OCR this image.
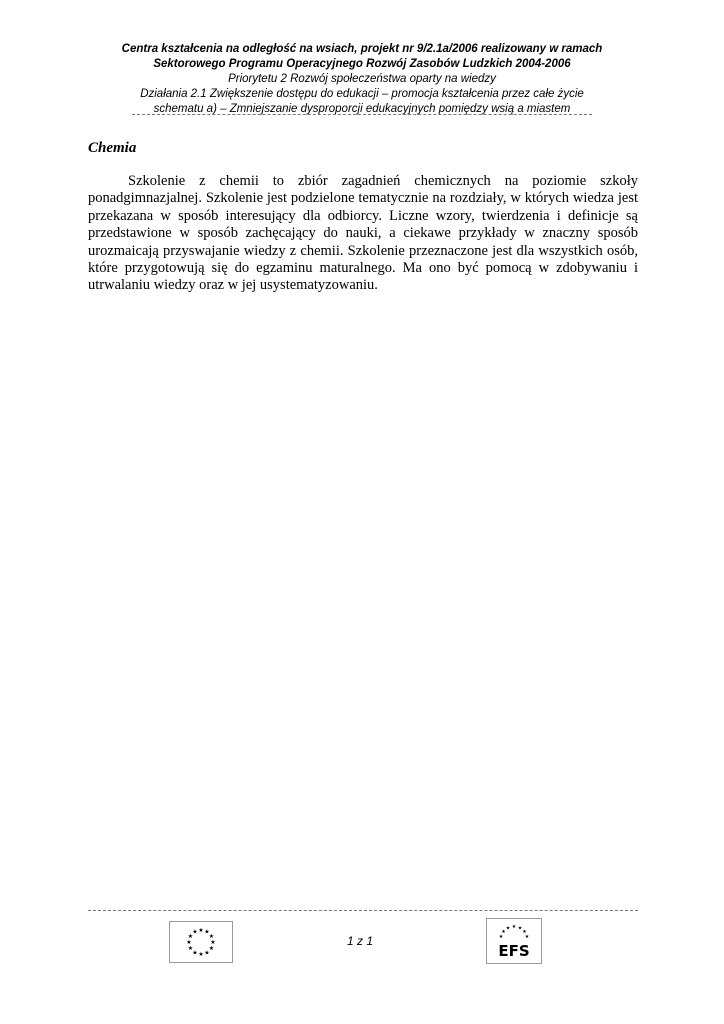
Centra kształcenia na odległość na wsiach, projekt nr 9/2.1a/2006 realizowany w ramach
Sektorowego Programu Operacyjnego Rozwój Zasobów Ludzkich 2004-2006
Priorytetu 2 Rozwój społeczeństwa oparty na wiedzy
Działania 2.1 Zwiększenie dostępu do edukacji – promocja kształcenia przez całe życie
schematu a) – Zmniejszanie dysproporcji edukacyjnych pomiędzy wsią a miastem
Chemia

Szkolenie z chemii to zbiór zagadnień chemicznych na poziomie szkoły ponadgimnazjalnej. Szkolenie jest podzielone tematycznie na rozdziały, w których wiedza jest przekazana w sposób interesujący dla odbiorcy. Liczne wzory, twierdzenia i definicje są przedstawione w sposób zachęcający do nauki, a ciekawe przykłady w znaczny sposób urozmaicają przyswajanie wiedzy z chemii. Szkolenie przeznaczone jest dla wszystkich osób, które przygotowują się do egzaminu maturalnego. Ma ono być pomocą w zdobywaniu i utrwalaniu wiedzy oraz w jej usystematyzowaniu.

★ ★
★
★
★
★
★
★
★
★
★
★
1 z 1
★
★ ★
★	★
★	★
EFS
